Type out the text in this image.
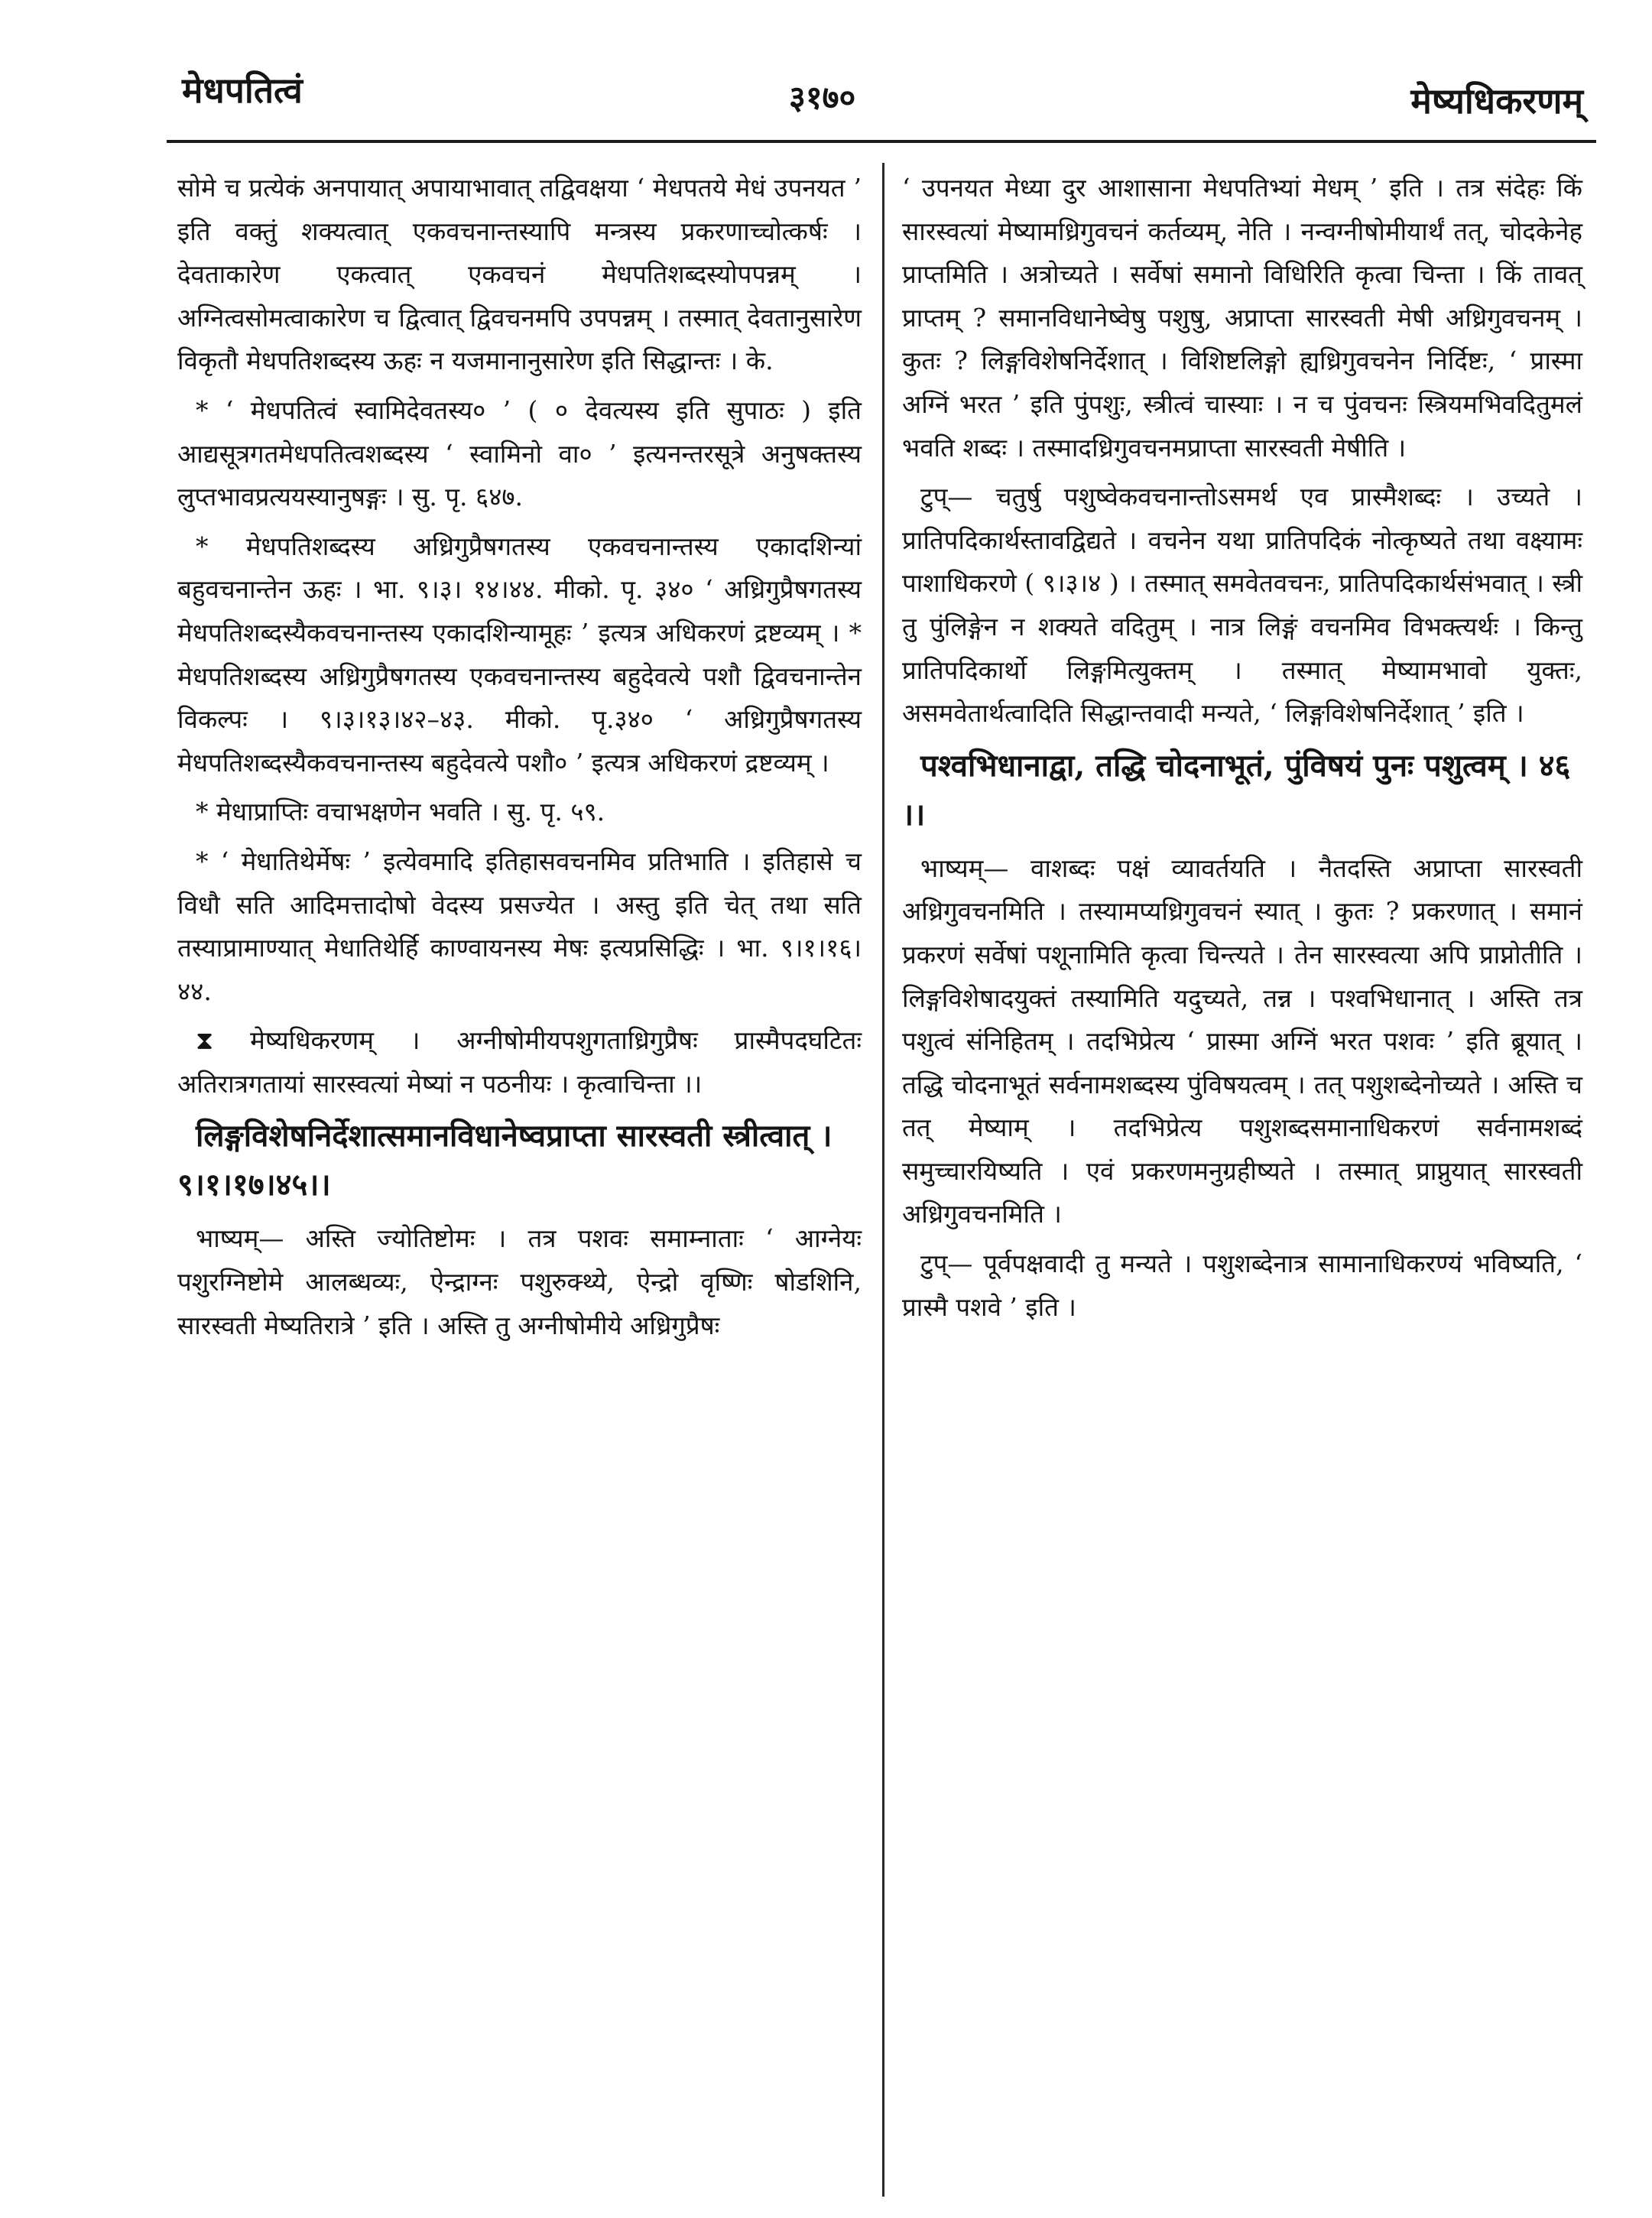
मेधपतित्वं	३१७०	मेष्यधिकरणम्

सोमे च प्रत्येकं अनपायात् अपायाभावात् तद्विवक्षया ‘ मेधपतये मेधं उपनयत ’ इति वक्तुं शक्यत्वात् एकवचनान्तस्यापि मन्त्रस्य प्रकरणाच्चोत्कर्षः । देवताकारेण एकत्वात् एकवचनं मेधपतिशब्दस्योपपन्नम् । अग्नित्वसोमत्वाकारेण च द्वित्वात् द्विवचनमपि उपपन्नम् । तस्मात् देवतानुसारेण विकृतौ मेधपतिशब्दस्य ऊहः न यजमानानुसारेण इति सिद्धान्तः । के.

* ‘ मेधपतित्वं स्वामिदेवतस्य० ’ ( ० देवत्यस्य इति सुपाठः ) इति आद्यसूत्रगतमेधपतित्वशब्दस्य ‘ स्वामिनो वा० ’ इत्यनन्तरसूत्रे अनुषक्तस्य लुप्तभावप्रत्ययस्यानुषङ्गः । सु. पृ. ६४७.

* मेधपतिशब्दस्य अध्रिगुप्रैषगतस्य एकवचनान्तस्य एकादशिन्यां बहुवचनान्तेन ऊहः । भा. ९।३। १४।४४. मीको. पृ. ३४० ‘ अध्रिगुप्रैषगतस्य मेधपतिशब्दस्यैकवचनान्तस्य एकादशिन्यामूहः ’ इत्यत्र अधिकरणं द्रष्टव्यम् । * मेधपतिशब्दस्य अध्रिगुप्रैषगतस्य एकवचनान्तस्य बहुदेवत्ये पशौ द्विवचनान्तेन विकल्पः । ९।३।१३।४२–४३. मीको. पृ.३४० ‘ अध्रिगुप्रैषगतस्य मेधपतिशब्दस्यैकवचनान्तस्य बहुदेवत्ये पशौ० ’ इत्यत्र अधिकरणं द्रष्टव्यम् ।

* मेधाप्राप्तिः वचाभक्षणेन भवति । सु. पृ. ५९.

* ‘ मेधातिथेर्मेषः ’ इत्येवमादि इतिहासवचनमिव प्रतिभाति । इतिहासे च विधौ सति आदिमत्तादोषो वेदस्य प्रसज्येत । अस्तु इति चेत् तथा सति तस्याप्रामाण्यात् मेधातिथेर्हि काण्वायनस्य मेषः इत्यप्रसिद्धिः । भा. ९।१।१६।४४.

⧗ मेष्यधिकरणम् । अग्नीषोमीयपशुगताध्रिगुप्रैषः प्रास्मैपदघटितः अतिरात्रगतायां सारस्वत्यां मेष्यां न पठनीयः । कृत्वाचिन्ता ।।

लिङ्गविशेषनिर्देशात्समानविधानेष्वप्राप्ता सारस्वती स्त्रीत्वात् । ९।१।१७।४५।।

भाष्यम्— अस्ति ज्योतिष्टोमः । तत्र पशवः समाम्नाताः ‘ आग्नेयः पशुरग्निष्टोमे आलब्धव्यः, ऐन्द्राग्नः पशुरुक्थ्ये, ऐन्द्रो वृष्णिः षोडशिनि, सारस्वती मेष्यतिरात्रे ’ इति । अस्ति तु अग्नीषोमीये अध्रिगुप्रैषः

‘ उपनयत मेध्या दुर आशासाना मेधपतिभ्यां मेधम् ’ इति । तत्र संदेहः किं सारस्वत्यां मेष्यामध्रिगुवचनं कर्तव्यम्, नेति । नन्वग्नीषोमीयार्थं तत्, चोदकेनेह प्राप्तमिति । अत्रोच्यते । सर्वेषां समानो विधिरिति कृत्वा चिन्ता । किं तावत् प्राप्तम् ? समानविधानेष्वेषु पशुषु, अप्राप्ता सारस्वती मेषी अध्रिगुवचनम् । कुतः ? लिङ्गविशेषनिर्देशात् । विशिष्टलिङ्गो ह्यध्रिगुवचनेन निर्दिष्टः, ‘ प्रास्मा अग्निं भरत ’ इति पुंपशुः, स्त्रीत्वं चास्याः । न च पुंवचनः स्त्रियमभिवदितुमलं भवति शब्दः । तस्मादध्रिगुवचनमप्राप्ता सारस्वती मेषीति ।

टुप्— चतुर्षु पशुष्वेकवचनान्तोऽसमर्थ एव प्रास्मैशब्दः । उच्यते । प्रातिपदिकार्थस्तावद्विद्यते । वचनेन यथा प्रातिपदिकं नोत्कृष्यते तथा वक्ष्यामः पाशाधिकरणे ( ९।३।४ ) । तस्मात् समवेतवचनः, प्रातिपदिकार्थसंभवात् । स्त्री तु पुंलिङ्गेन न शक्यते वदितुम् । नात्र लिङ्गं वचनमिव विभक्त्यर्थः । किन्तु प्रातिपदिकार्थो लिङ्गमित्युक्तम् । तस्मात् मेष्यामभावो युक्तः, असमवेतार्थत्वादिति सिद्धान्तवादी मन्यते, ‘ लिङ्गविशेषनिर्देशात् ’ इति ।

पश्वभिधानाद्वा, तद्धि चोदनाभूतं, पुंविषयं पुनः पशुत्वम् । ४६ ।।

भाष्यम्— वाशब्दः पक्षं व्यावर्तयति । नैतदस्ति अप्राप्ता सारस्वती अध्रिगुवचनमिति । तस्यामप्यध्रिगुवचनं स्यात् । कुतः ? प्रकरणात् । समानं प्रकरणं सर्वेषां पशूनामिति कृत्वा चिन्त्यते । तेन सारस्वत्या अपि प्राप्नोतीति । लिङ्गविशेषादयुक्तं तस्यामिति यदुच्यते, तन्न । पश्वभिधानात् । अस्ति तत्र पशुत्वं संनिहितम् । तदभिप्रेत्य ‘ प्रास्मा अग्निं भरत पशवः ’ इति ब्रूयात् । तद्धि चोदनाभूतं सर्वनामशब्दस्य पुंविषयत्वम् । तत् पशुशब्देनोच्यते । अस्ति च तत् मेष्याम् । तदभिप्रेत्य पशुशब्दसमानाधिकरणं सर्वनामशब्दं समुच्चारयिष्यति । एवं प्रकरणमनुग्रहीष्यते । तस्मात् प्राप्नुयात् सारस्वती अध्रिगुवचनमिति ।

टुप्— पूर्वपक्षवादी तु मन्यते । पशुशब्देनात्र सामानाधिकरण्यं भविष्यति, ‘ प्रास्मै पशवे ’ इति ।
